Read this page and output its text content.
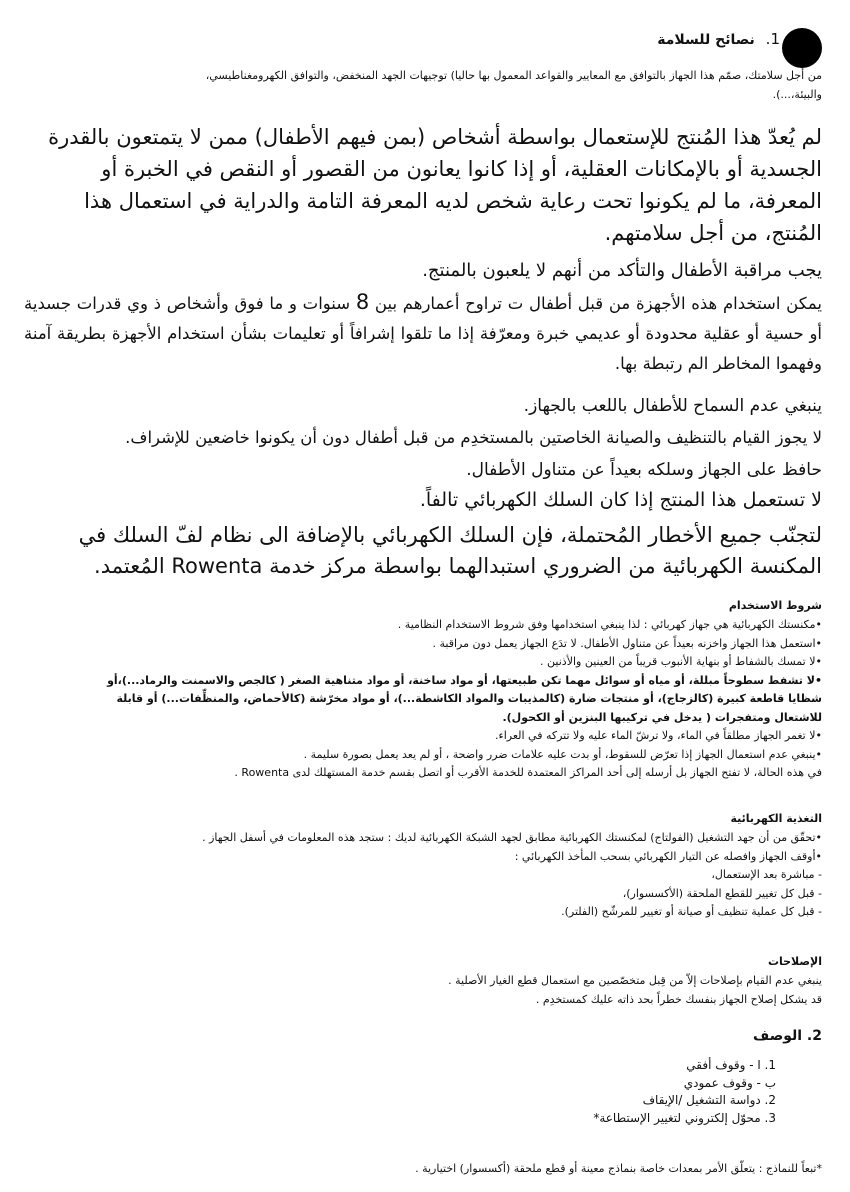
1. نصائح للسلامة
من أجل سلامتك، صمّم هذا الجهاز بالتوافق مع المعايير والقواعد المعمول بها حاليا) توجيهات الجهد المنخفض، والتوافق الكهرومغناطيسي،
والبيئة،...).
لم يُعدّ هذا المُنتج للإستعمال بواسطة أشخاص (بمن فيهم الأطفال) ممن لا يتمتعون بالقدرة
الجسدية أو بالإمكانات العقلية، أو إذا كانوا يعانون من القصور أو النقص في الخبرة أو
المعرفة، ما لم يكونوا تحت رعاية شخص لديه المعرفة التامة والدراية في استعمال هذا
المُنتج، من أجل سلامتهم.

يجب مراقبة الأطفال والتأكد من أنهم لا يلعبون بالمنتج.

يمكن استخدام هذه الأجهزة من قبل أطفال ت تراوح أعمارهم بين 8 سنوات و ما فوق وأشخاص ذ وي قدرات جسدية أو حسية أو عقلية محدودة أو عديمي خبرة ومعرّفة إذا ما تلقوا إشرافاً أو تعليمات بشأن استخدام الأجهزة بطريقة آمنة وفهموا المخاطر الم رتبطة بها.

ينبغي عدم السماح للأطفال باللعب بالجهاز.

لا يجوز القيام بالتنظيف والصيانة الخاصتين بالمستخدِم من قبل أطفال دون أن يكونوا خاضعين للإشراف.

حافظ على الجهاز وسلكه بعيداً عن متناول الأطفال.

لا تستعمل هذا المنتج إذا كان السلك الكهربائي تالفاً.

لتجنّب جميع الأخطار المُحتملة، فإن السلك الكهربائي بالإضافة الى نظام لفّ السلك في
المكنسة الكهربائية من الضروري استبدالهما بواسطة مركز خدمة Rowenta المُعتمد.
شروط الاستخدام
•مكنستك الكهربائية هي جهاز كهربائي : لذا ينبغي استخدامها وفق شروط الاستخدام النظامية .
•استعمل هذا الجهاز واخزنه بعيداً عن متناول الأطفال. لا تدَع الجهاز يعمل دون مراقبة .
•لا تمسك بالشفاط أو بنهاية الأنبوب قريباً من العينين والأذنين .
•لا تشفط سطوحاً مبللة، أو مياه أو سوائل مهما تكن طبيعتها، أو مواد ساخنة، أو مواد متناهية الصغر ( كالجص والاسمنت والرماد...)،أو
شظايا قاطعة كبيرة (كالزجاج)، أو منتجات ضارة (كالمذيبات والمواد الكاشطة...)، أو مواد مخرّشة (كالأحماض، والمنظِّفات...) أو قابلة
للاشتعال ومتفجرات ( يدخل في تركيبها البنزين أو الكحول).
•لا تغمر الجهاز مطلقاً في الماء، ولا ترشّ الماء عليه ولا تتركه في العراء.
•ينبغي عدم استعمال الجهاز إذا تعرّض للسقوط، أو بدت عليه علامات ضرر واضحة ، أو لم يعد يعمل بصورة سليمة .
في هذه الحالة، لا تفتح الجهاز بل أرسله إلى أحد المراكز المعتمدة للخدمة الأقرب أو اتصل بقسم خدمة المستهلك لدى Rowenta .
التغذية الكهربائية
•تحقّق من أن جهد التشغيل (الفولتاج) لمكنستك الكهربائية مطابق لجهد الشبكة الكهربائية لديك : ستجد هذه المعلومات في أسفل الجهاز .
•أوقف الجهاز وافصله عن التيار الكهربائي بسحب المأخذ الكهربائي :
- مباشرة بعد الإستعمال،
- قبل كل تغيير للقطع الملحقة (الأكسسوار)،
- قبل كل عملية تنظيف أو صيانة أو تغيير للمرشّح (الفلتر).
الإصلاحات
ينبغي عدم القيام بإصلاحات إلاّ من قِبل متخصّصين مع استعمال قطع الغيار الأصلية .
قد يشكل إصلاح الجهاز بنفسك خطراً بحد ذاته عليك كمستخدِم .
2. الوصف
1. ا - وقوف أفقي
ب - وقوف عمودي
2. دواسة التشغيل /الإيقاف
3. محوّل إلكتروني لتغيير الإستطاعة*
*تبعاً للنماذج : يتعلّق الأمر بمعدات خاصة بنماذج معينة أو قطع ملحقة (أكسسوار) اختيارية .
